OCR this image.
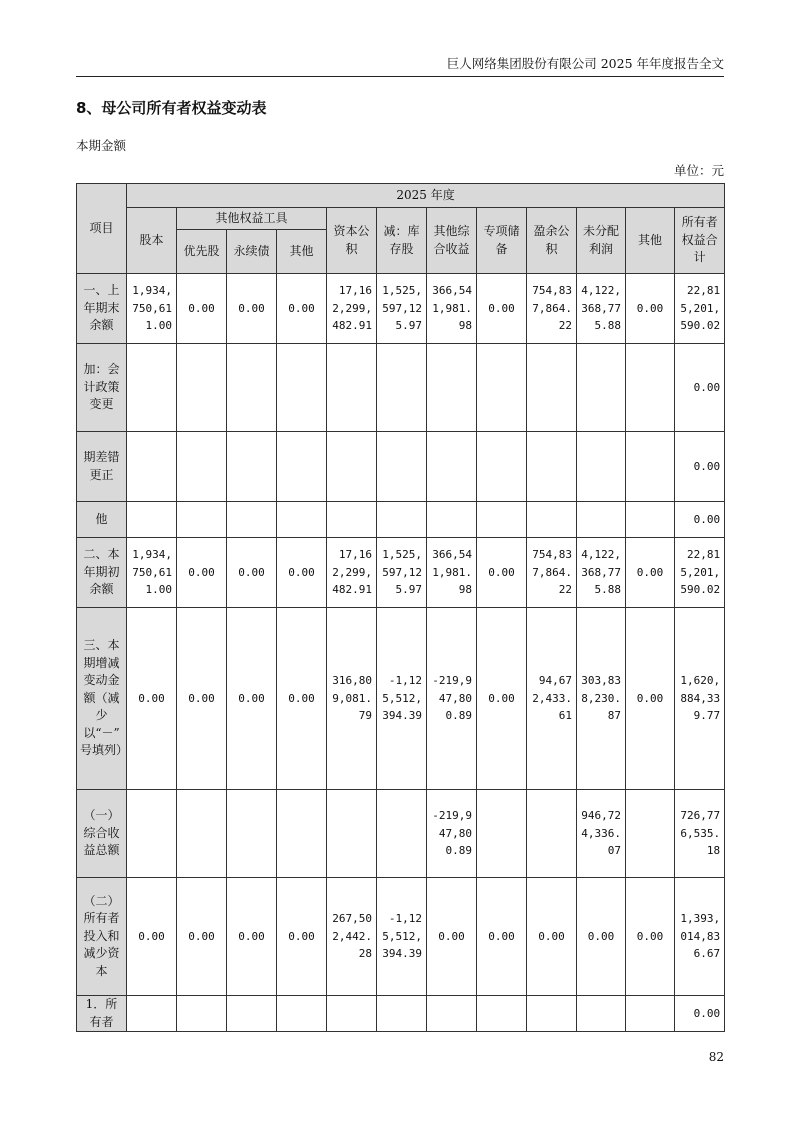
巨人网络集团股份有限公司 2025 年年度报告全文
8、母公司所有者权益变动表
本期金额
单位：元
项目	2025 年度											
	股本	其他权益工具			资本公积	减：库存股	其他综合收益	专项储备	盈余公积	未分配利润	其他	所有者权益合计
		优先股	永续债	其他								
一、上年期末余额	1,934,750,611.00	0.00	0.00	0.00	17,162,299,482.91	1,525,597,125.97	366,541,981.98	0.00	754,837,864.22	4,122,368,775.88	0.00	22,815,201,590.02
加：会计政策变更												0.00
期差错更正												0.00
他												0.00
二、本年期初余额	1,934,750,611.00	0.00	0.00	0.00	17,162,299,482.91	1,525,597,125.97	366,541,981.98	0.00	754,837,864.22	4,122,368,775.88	0.00	22,815,201,590.02
三、本期增减变动金额（减少以“－”号填列）	0.00	0.00	0.00	0.00	316,809,081.79	-1,125,512,394.39	-219,947,800.89	0.00	94,672,433.61	303,838,230.87	0.00	1,620,884,339.77
（一）综合收益总额							-219,947,800.89			946,724,336.07		726,776,535.18
（二）所有者投入和减少资本	0.00	0.00	0.00	0.00	267,502,442.28	-1,125,512,394.39	0.00	0.00	0.00	0.00	0.00	1,393,014,836.67
1．所有者												0.00
82
